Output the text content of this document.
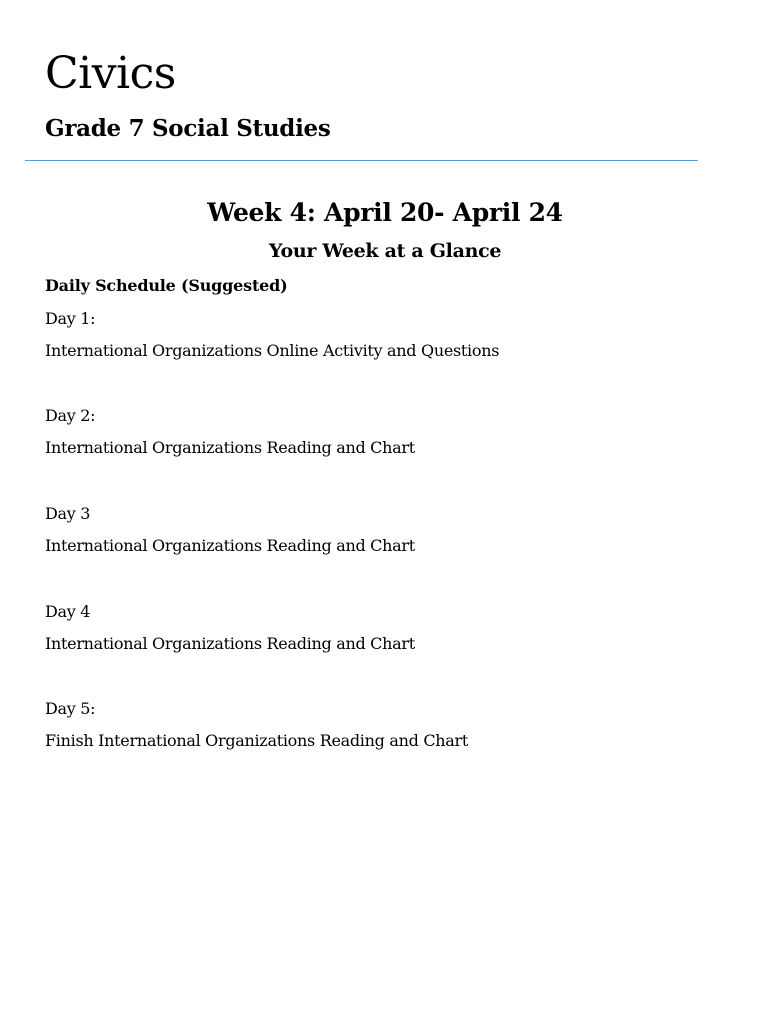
Civics
Grade 7 Social Studies
Week 4: April 20- April 24
Your Week at a Glance

Daily Schedule (Suggested)

Day 1:

International Organizations Online Activity and Questions

Day 2:

International Organizations Reading and Chart

Day 3

International Organizations Reading and Chart

Day 4

International Organizations Reading and Chart

Day 5:

Finish International Organizations Reading and Chart
